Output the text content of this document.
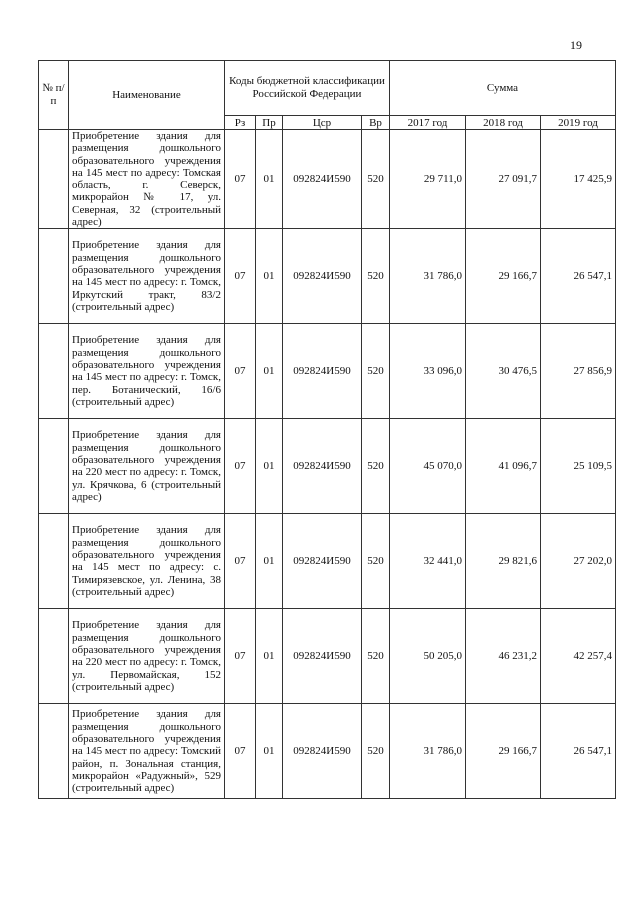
19
№ п/п	Наименование	Коды бюджетной классификации Российской Федерации				Сумма		
		Рз	Пр	Цср	Вр	2017 год	2018 год	2019 год
	Приобретение здания для размещения дошкольного образовательного учреждения на 145 мест по адресу: Томская область, г. Северск, микрорайон № 17, ул. Северная, 32 (строительный адрес)	07	01	092824И590	520	29 711,0	27 091,7	17 425,9
	Приобретение здания для размещения дошкольного образовательного учреждения на 145 мест по адресу: г. Томск, Иркутский тракт, 83/2 (строительный адрес)	07	01	092824И590	520	31 786,0	29 166,7	26 547,1
	Приобретение здания для размещения дошкольного образовательного учреждения на 145 мест по адресу: г. Томск, пер. Ботанический, 16/6 (строительный адрес)	07	01	092824И590	520	33 096,0	30 476,5	27 856,9
	Приобретение здания для размещения дошкольного образовательного учреждения на 220 мест по адресу: г. Томск, ул. Крячкова, 6 (строительный адрес)	07	01	092824И590	520	45 070,0	41 096,7	25 109,5
	Приобретение здания для размещения дошкольного образовательного учреждения на 145 мест по адресу: с. Тимирязевское, ул. Ленина, 38 (строительный адрес)	07	01	092824И590	520	32 441,0	29 821,6	27 202,0
	Приобретение здания для размещения дошкольного образовательного учреждения на 220 мест по адресу: г. Томск, ул. Первомайская, 152 (строительный адрес)	07	01	092824И590	520	50 205,0	46 231,2	42 257,4
	Приобретение здания для размещения дошкольного образовательного учреждения на 145 мест по адресу: Томский район, п. Зональная станция, микрорайон «Радужный», 529 (строительный адрес)	07	01	092824И590	520	31 786,0	29 166,7	26 547,1
